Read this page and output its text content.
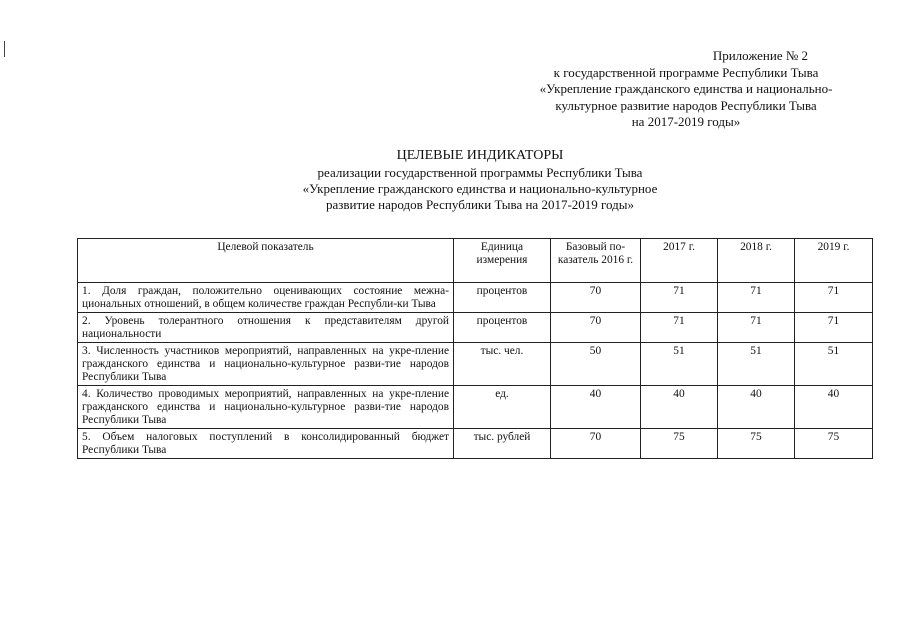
Приложение № 2
к государственной программе Республики Тыва
«Укрепление гражданского единства и национально-
культурное развитие народов Республики Тыва
на 2017-2019 годы»
ЦЕЛЕВЫЕ ИНДИКАТОРЫ
реализации государственной программы Республики Тыва
«Укрепление гражданского единства и национально-культурное
развитие народов Республики Тыва на 2017-2019 годы»
Целевой показатель	Единица измерения	Базовый по-казатель 2016 г.	2017 г.	2018 г.	2019 г.
1. Доля граждан, положительно оценивающих состояние межна-циональных отношений, в общем количестве граждан Республи-ки Тыва	процентов	70	71	71	71
2. Уровень толерантного отношения к представителям другой национальности	процентов	70	71	71	71
3. Численность участников мероприятий, направленных на укре-пление гражданского единства и национально-культурное разви-тие народов Республики Тыва	тыс. чел.	50	51	51	51
4. Количество проводимых мероприятий, направленных на укре-пление гражданского единства и национально-культурное разви-тие народов Республики Тыва	ед.	40	40	40	40
5. Объем налоговых поступлений в консолидированный бюджет Республики Тыва	тыс. рублей	70	75	75	75
